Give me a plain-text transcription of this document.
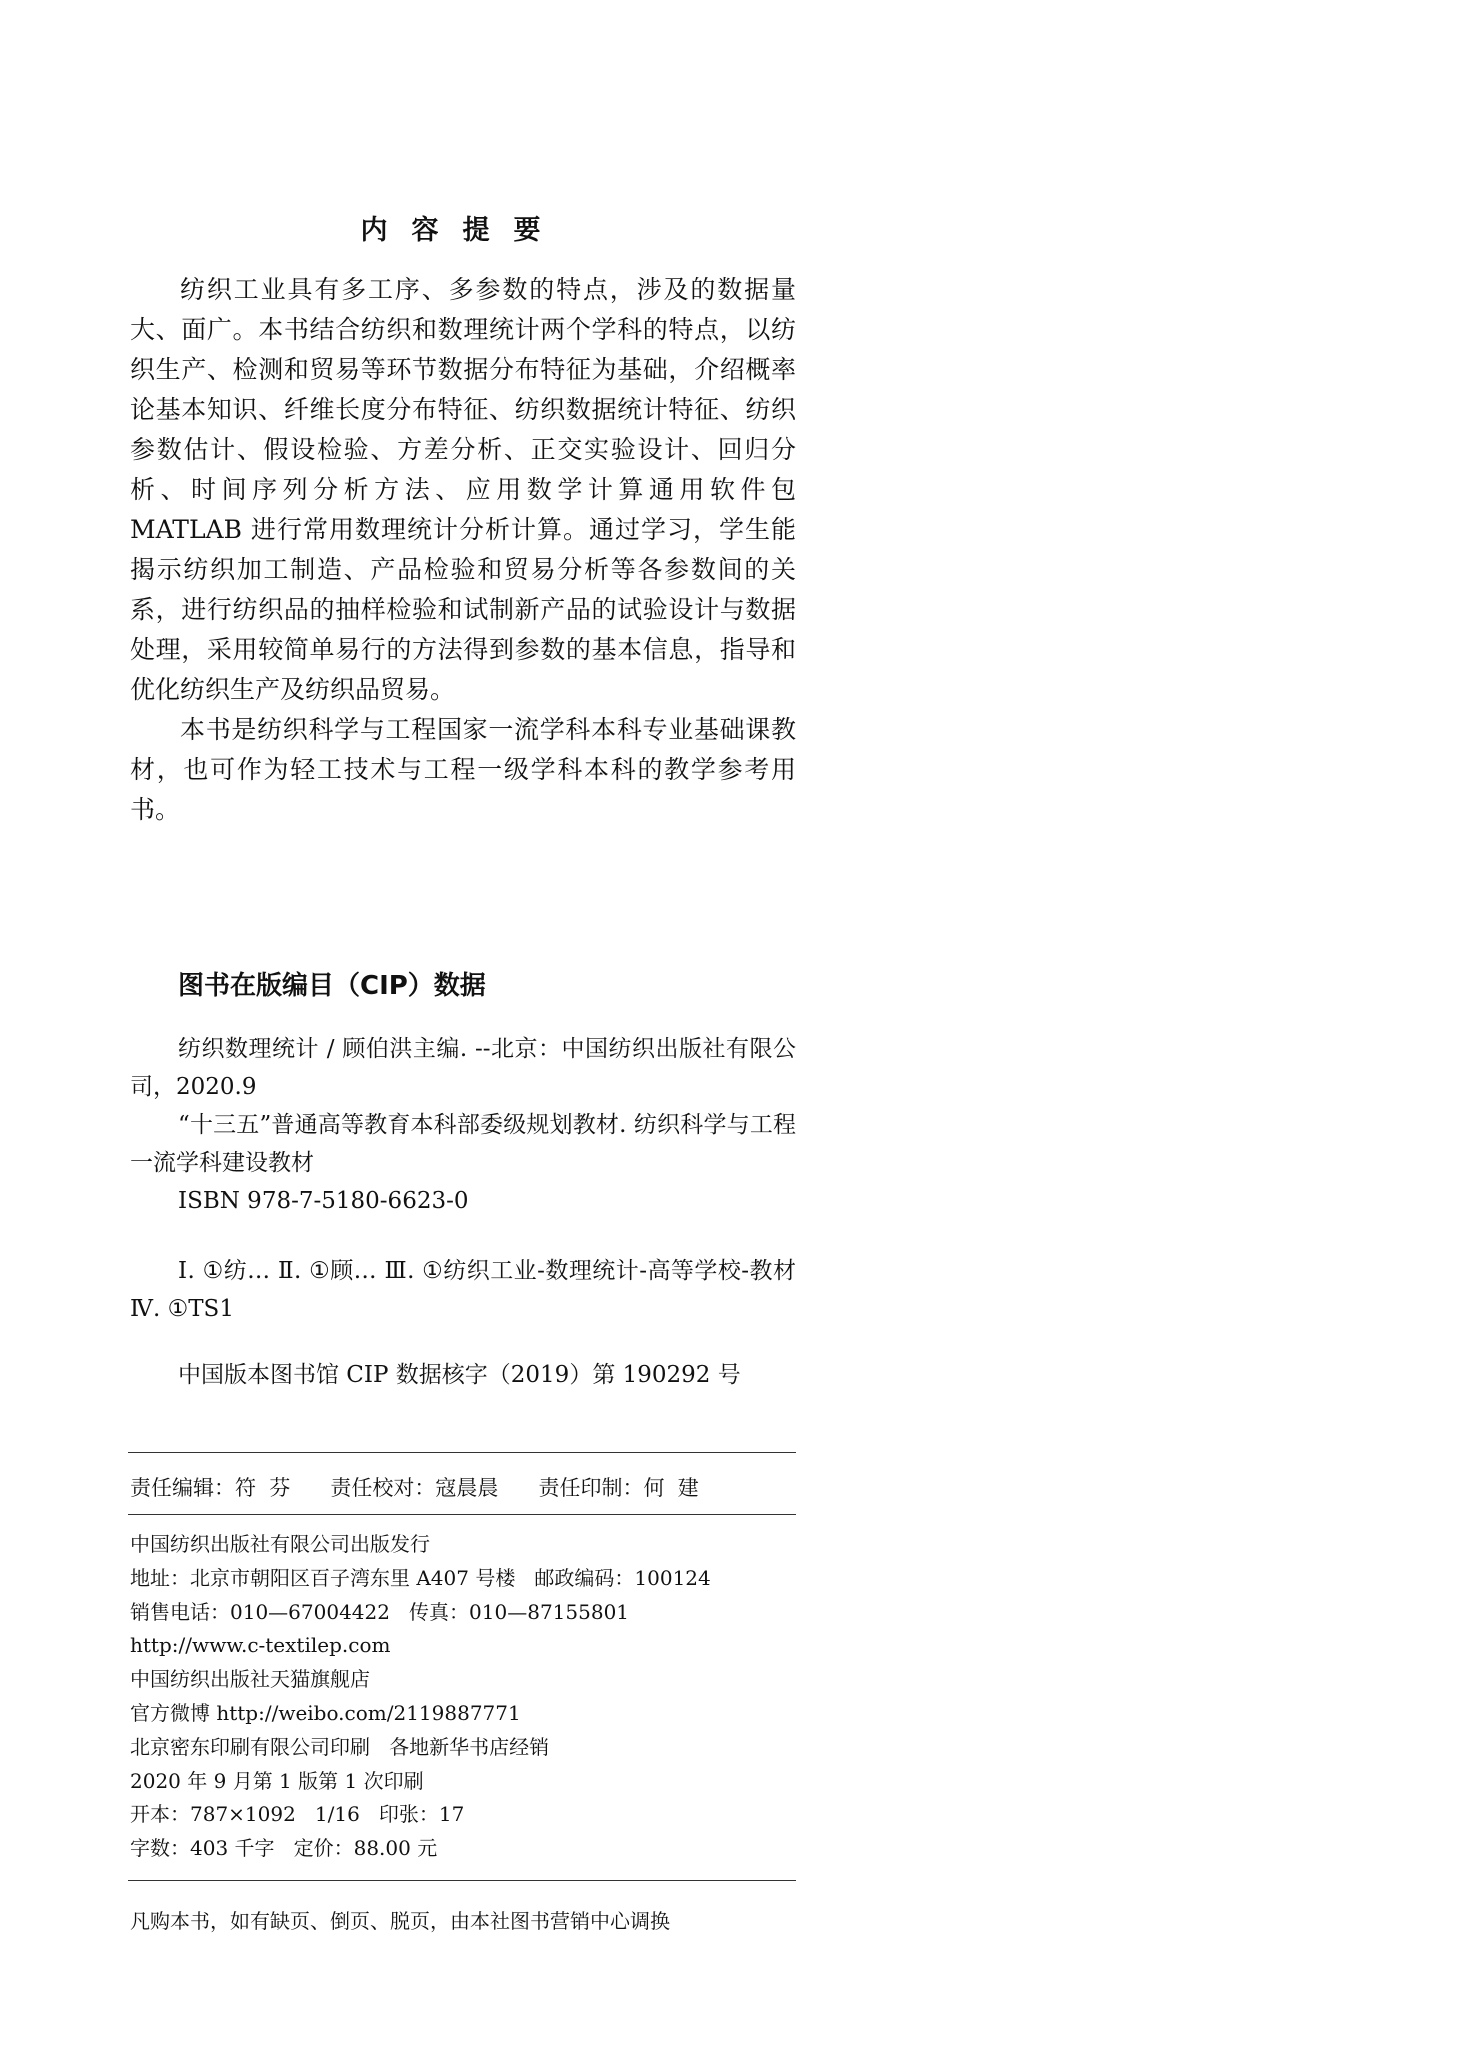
内容提要

纺织工业具有多工序、多参数的特点，涉及的数据量大、面广。本书结合纺织和数理统计两个学科的特点，以纺织生产、检测和贸易等环节数据分布特征为基础，介绍概率论基本知识、纤维长度分布特征、纺织数据统计特征、纺织参数估计、假设检验、方差分析、正交实验设计、回归分析、时间序列分析方法、应用数学计算通用软件包 MATLAB 进行常用数理统计分析计算。通过学习，学生能揭示纺织加工制造、产品检验和贸易分析等各参数间的关系，进行纺织品的抽样检验和试制新产品的试验设计与数据处理，采用较简单易行的方法得到参数的基本信息，指导和优化纺织生产及纺织品贸易。

本书是纺织科学与工程国家一流学科本科专业基础课教材，也可作为轻工技术与工程一级学科本科的教学参考用书。

图书在版编目（CIP）数据

纺织数理统计 / 顾伯洪主编. --北京：中国纺织出版社有限公司，2020.9

“十三五”普通高等教育本科部委级规划教材. 纺织科学与工程一流学科建设教材

ISBN 978-7-5180-6623-0

Ⅰ. ①纺… Ⅱ. ①顾… Ⅲ. ①纺织工业-数理统计-高等学校-教材 Ⅳ. ①TS1

中国版本图书馆 CIP 数据核字（2019）第 190292 号

责任编辑：符  芬      责任校对：寇晨晨      责任印制：何  建
中国纺织出版社有限公司出版发行
地址：北京市朝阳区百子湾东里 A407 号楼   邮政编码：100124
销售电话：010—67004422   传真：010—87155801
http://www.c-textilep.com
中国纺织出版社天猫旗舰店
官方微博 http://weibo.com/2119887771
北京密东印刷有限公司印刷   各地新华书店经销
2020 年 9 月第 1 版第 1 次印刷
开本：787×1092   1/16   印张：17
字数：403 千字   定价：88.00 元
凡购本书，如有缺页、倒页、脱页，由本社图书营销中心调换
